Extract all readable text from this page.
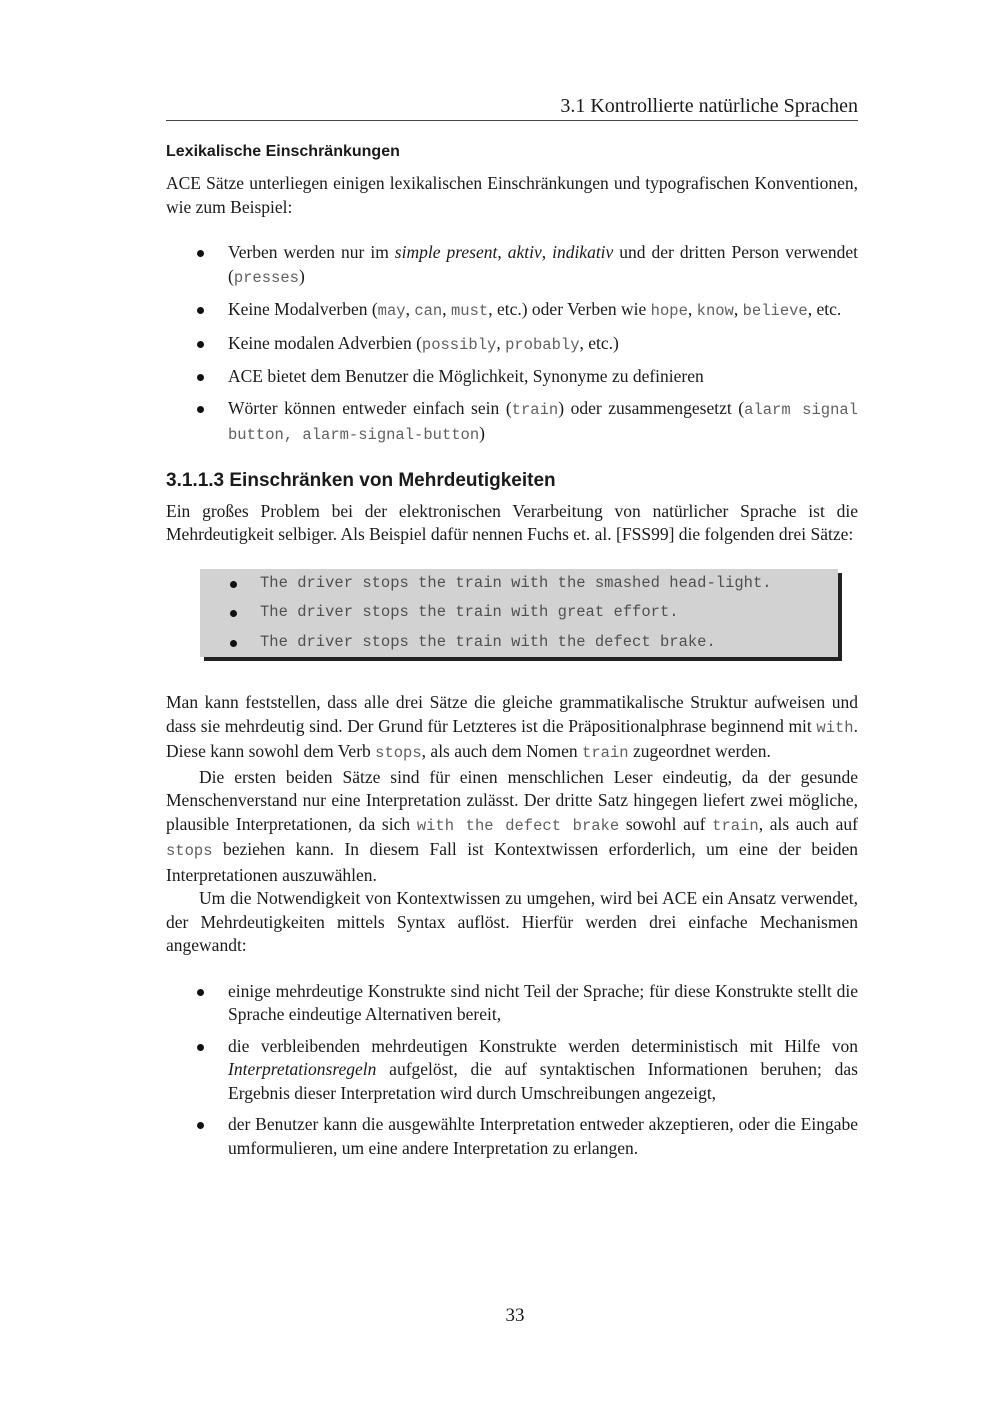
3.1 Kontrollierte natürliche Sprachen
Lexikalische Einschränkungen

ACE Sätze unterliegen einigen lexikalischen Einschränkungen und typografischen Konventionen, wie zum Beispiel:

Verben werden nur im simple present, aktiv, indikativ und der dritten Person verwendet (presses)
Keine Modalverben (may, can, must, etc.) oder Verben wie hope, know, believe, etc.
Keine modalen Adverbien (possibly, probably, etc.)
ACE bietet dem Benutzer die Möglichkeit, Synonyme zu definieren
Wörter können entweder einfach sein (train) oder zusammengesetzt (alarm signal button, alarm-signal-button)
3.1.1.3 Einschränken von Mehrdeutigkeiten

Ein großes Problem bei der elektronischen Verarbeitung von natürlicher Sprache ist die Mehrdeutigkeit selbiger. Als Beispiel dafür nennen Fuchs et. al. [FSS99] die folgenden drei Sätze:

The driver stops the train with the smashed head-light.
The driver stops the train with great effort.
The driver stops the train with the defect brake.

Man kann feststellen, dass alle drei Sätze die gleiche grammatikalische Struktur aufweisen und dass sie mehrdeutig sind. Der Grund für Letzteres ist die Präpositionalphrase beginnend mit with. Diese kann sowohl dem Verb stops, als auch dem Nomen train zugeordnet werden.

Die ersten beiden Sätze sind für einen menschlichen Leser eindeutig, da der gesunde Menschenverstand nur eine Interpretation zulässt. Der dritte Satz hingegen liefert zwei mögliche, plausible Interpretationen, da sich with the defect brake sowohl auf train, als auch auf stops beziehen kann. In diesem Fall ist Kontextwissen erforderlich, um eine der beiden Interpretationen auszuwählen.

Um die Notwendigkeit von Kontextwissen zu umgehen, wird bei ACE ein Ansatz verwendet, der Mehrdeutigkeiten mittels Syntax auflöst. Hierfür werden drei einfache Mechanismen angewandt:

einige mehrdeutige Konstrukte sind nicht Teil der Sprache; für diese Konstrukte stellt die Sprache eindeutige Alternativen bereit,
die verbleibenden mehrdeutigen Konstrukte werden deterministisch mit Hilfe von Interpretationsregeln aufgelöst, die auf syntaktischen Informationen beruhen; das Ergebnis dieser Interpretation wird durch Umschreibungen angezeigt,
der Benutzer kann die ausgewählte Interpretation entweder akzeptieren, oder die Eingabe umformulieren, um eine andere Interpretation zu erlangen.
33
